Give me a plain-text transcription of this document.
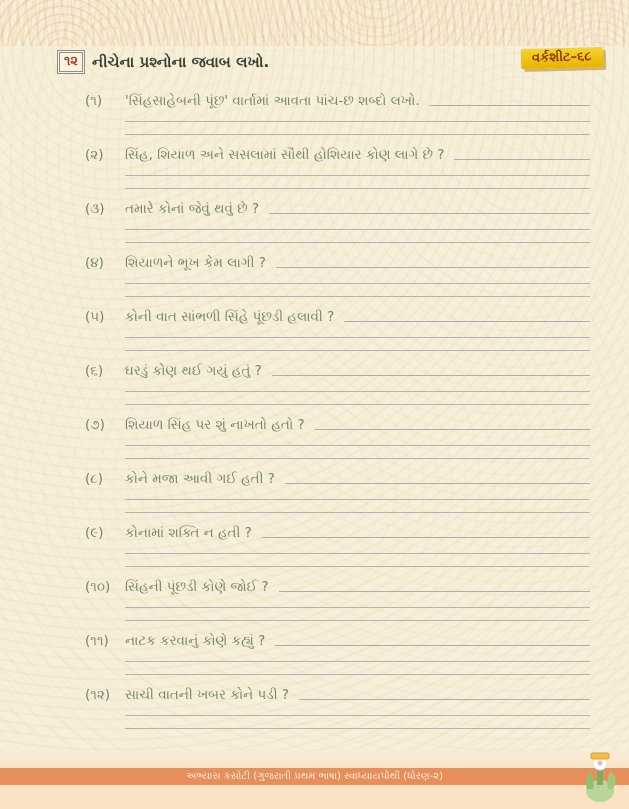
૧૨ નીચેના પ્રશ્નોના જવાબ લખો.	વર્કશીટ–૬૮
(૧)	'સિંહસાહેબની પૂંછ' વાર્તામાં આવતા પાંચ-છ શબ્દો લખો.
(૨)	સિંહ, શિયાળ અને સસલામાં સૌથી હોશિયાર કોણ લાગે છે ?
(૩)	તમારે કોનાં જેવું થવું છે ?
(૪)	શિયાળને ભૂખ કેમ લાગી ?
(૫)	કોની વાત સાંભળી સિંહે પૂંછડી હલાવી ?
(૬)	ઘરડું કોણ થઈ ગયું હતું ?
(૭)	શિયાળ સિંહ પર શું નાખતો હતો ?
(૮)	કોને મજા આવી ગઈ હતી ?
(૯)	કોનામાં શક્તિ ન હતી ?
(૧૦)	સિંહની પૂંછડી કોણે જોઈ ?
(૧૧)	નાટક કરવાનું કોણે કહ્યું ?
(૧૨)	સાચી વાતની ખબર કોને પડી ?
અભ્યાસ કસોટી (ગુજરાતી પ્રથમ ભાષા) સ્વાધ્યાયપોથી (ધોરણ-૨)
